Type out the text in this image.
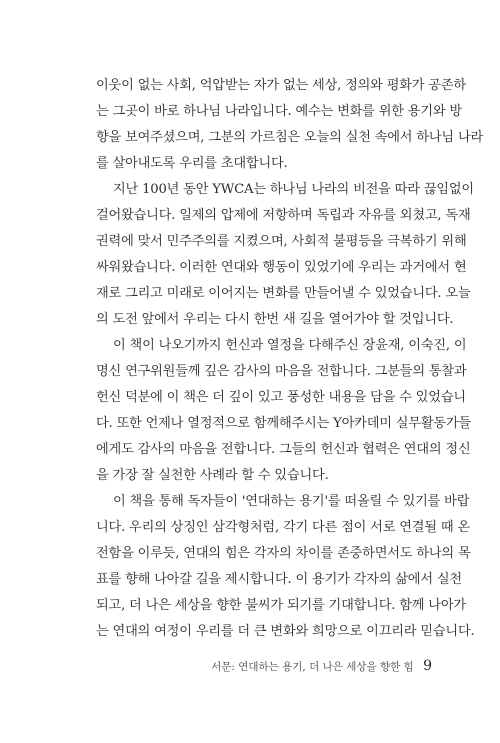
이웃이 없는 사회, 억압받는 자가 없는 세상, 정의와 평화가 공존하
는 그곳이 바로 하나님 나라입니다. 예수는 변화를 위한 용기와 방
향을 보여주셨으며, 그분의 가르침은 오늘의 실천 속에서 하나님 나라
를 살아내도록 우리를 초대합니다.
지난 100년 동안 YWCA는 하나님 나라의 비전을 따라 끊임없이
걸어왔습니다. 일제의 압제에 저항하며 독립과 자유를 외쳤고, 독재
권력에 맞서 민주주의를 지켰으며, 사회적 불평등을 극복하기 위해
싸워왔습니다. 이러한 연대와 행동이 있었기에 우리는 과거에서 현
재로 그리고 미래로 이어지는 변화를 만들어낼 수 있었습니다. 오늘
의 도전 앞에서 우리는 다시 한번 새 길을 열어가야 할 것입니다.
이 책이 나오기까지 헌신과 열정을 다해주신 장윤재, 이숙진, 이
명신 연구위원들께 깊은 감사의 마음을 전합니다. 그분들의 통찰과
헌신 덕분에 이 책은 더 깊이 있고 풍성한 내용을 담을 수 있었습니
다. 또한 언제나 열정적으로 함께해주시는 Y아카데미 실무활동가들
에게도 감사의 마음을 전합니다. 그들의 헌신과 협력은 연대의 정신
을 가장 잘 실천한 사례라 할 수 있습니다.
이 책을 통해 독자들이 '연대하는 용기'를 떠올릴 수 있기를 바랍
니다. 우리의 상징인 삼각형처럼, 각기 다른 점이 서로 연결될 때 온
전함을 이루듯, 연대의 힘은 각자의 차이를 존중하면서도 하나의 목
표를 향해 나아갈 길을 제시합니다. 이 용기가 각자의 삶에서 실천
되고, 더 나은 세상을 향한 불씨가 되기를 기대합니다. 함께 나아가
는 연대의 여정이 우리를 더 큰 변화와 희망으로 이끄리라 믿습니다.
서문: 연대하는 용기, 더 나은 세상을 향한 힘 9
